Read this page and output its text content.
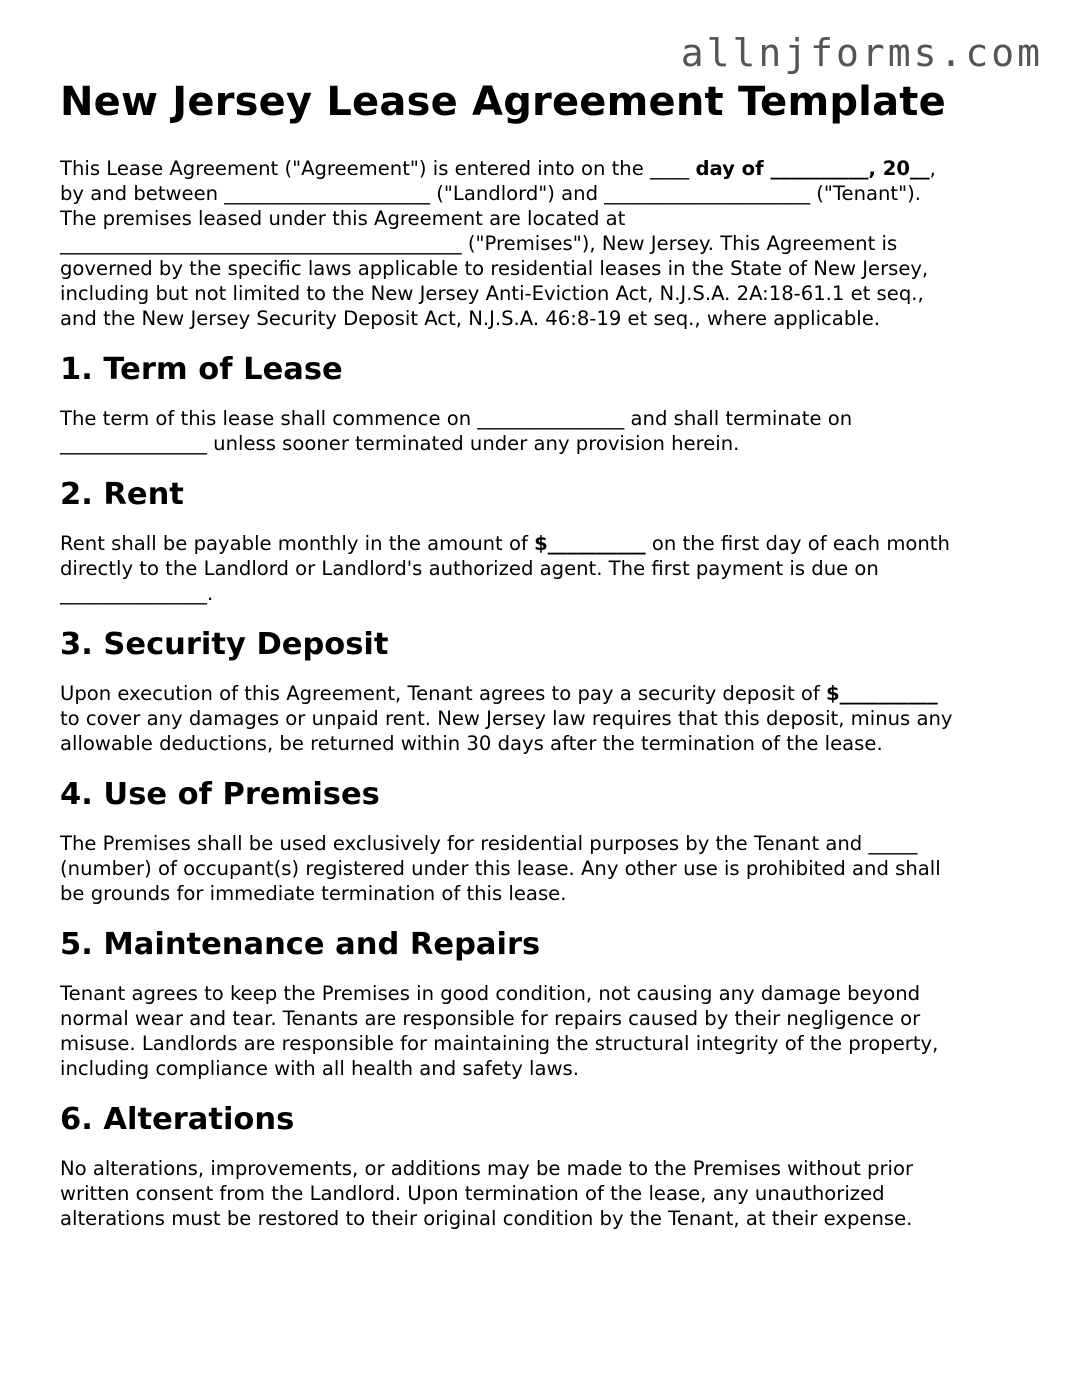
allnjforms.com
New Jersey Lease Agreement Template

This Lease Agreement ("Agreement") is entered into on the ____ day of __________, 20__,
by and between _____________________ ("Landlord") and _____________________ ("Tenant").
The premises leased under this Agreement are located at
_________________________________________ ("Premises"), New Jersey. This Agreement is
governed by the specific laws applicable to residential leases in the State of New Jersey,
including but not limited to the New Jersey Anti-Eviction Act, N.J.S.A. 2A:18-61.1 et seq.,
and the New Jersey Security Deposit Act, N.J.S.A. 46:8-19 et seq., where applicable.

1. Term of Lease

The term of this lease shall commence on _______________ and shall terminate on
_______________ unless sooner terminated under any provision herein.

2. Rent

Rent shall be payable monthly in the amount of $__________ on the first day of each month
directly to the Landlord or Landlord's authorized agent. The first payment is due on
_______________.

3. Security Deposit

Upon execution of this Agreement, Tenant agrees to pay a security deposit of $__________
to cover any damages or unpaid rent. New Jersey law requires that this deposit, minus any
allowable deductions, be returned within 30 days after the termination of the lease.

4. Use of Premises

The Premises shall be used exclusively for residential purposes by the Tenant and _____
(number) of occupant(s) registered under this lease. Any other use is prohibited and shall
be grounds for immediate termination of this lease.

5. Maintenance and Repairs

Tenant agrees to keep the Premises in good condition, not causing any damage beyond
normal wear and tear. Tenants are responsible for repairs caused by their negligence or
misuse. Landlords are responsible for maintaining the structural integrity of the property,
including compliance with all health and safety laws.

6. Alterations

No alterations, improvements, or additions may be made to the Premises without prior
written consent from the Landlord. Upon termination of the lease, any unauthorized
alterations must be restored to their original condition by the Tenant, at their expense.
